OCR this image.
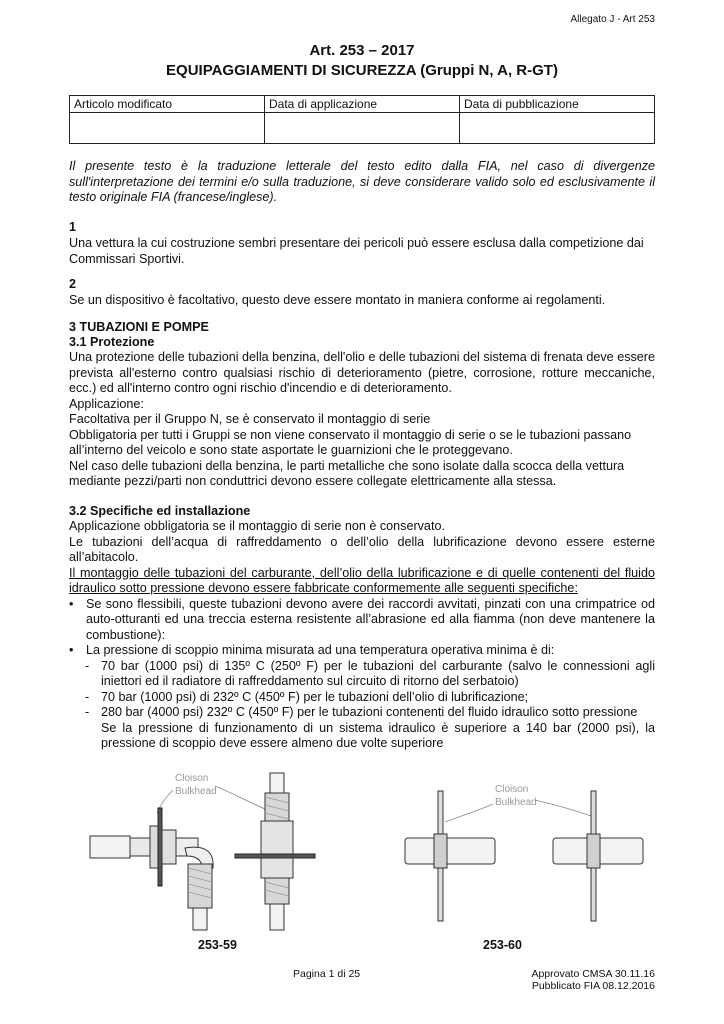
Allegato J - Art 253
Art. 253 – 2017
EQUIPAGGIAMENTI DI SICUREZZA (Gruppi N, A, R-GT)
Articolo modificato	Data di applicazione	Data di pubblicazione

Il presente testo è la traduzione letterale del testo edito dalla FIA, nel caso di divergenze sull'interpretazione dei termini e/o sulla traduzione, si deve considerare valido solo ed esclusivamente il testo originale FIA (francese/inglese).
1
Una vettura la cui costruzione sembri presentare dei pericoli può essere esclusa dalla competizione dai Commissari Sportivi.
2
Se un dispositivo è facoltativo, questo deve essere montato in maniera conforme ai regolamenti.
3 TUBAZIONI E POMPE
3.1 Protezione
Una protezione delle tubazioni della benzina, dell'olio e delle tubazioni del sistema di frenata deve essere prevista all'esterno contro qualsiasi rischio di deterioramento (pietre, corrosione, rotture meccaniche, ecc.) ed all'interno contro ogni rischio d'incendio e di deterioramento.
Applicazione:
Facoltativa per il Gruppo N, se è conservato il montaggio di serie
Obbligatoria per tutti i Gruppi se non viene conservato il montaggio di serie o se le tubazioni passano all’interno del veicolo e sono state asportate le guarnizioni che le proteggevano.
Nel caso delle tubazioni della benzina, le parti metalliche che sono isolate dalla scocca della vettura mediante pezzi/parti non conduttrici devono essere collegate elettricamente alla stessa.
3.2 Specifiche ed installazione
Applicazione obbligatoria se il montaggio di serie non è conservato.
Le tubazioni dell’acqua di raffreddamento o dell’olio della lubrificazione devono essere esterne all’abitacolo.
Il montaggio delle tubazioni del carburante, dell’olio della lubrificazione e di quelle contenenti del fluido idraulico sotto pressione devono essere fabbricate conformemente alle seguenti specifiche:
• Se sono flessibili, queste tubazioni devono avere dei raccordi avvitati, pinzati con una crimpatrice od auto-otturanti ed una treccia esterna resistente all’abrasione ed alla fiamma (non deve mantenere la combustione):
• La pressione di scoppio minima misurata ad una temperatura operativa minima è di:
- 70 bar (1000 psi) di 135º C (250º F) per le tubazioni del carburante (salvo le connessioni agli iniettori ed il radiatore di raffreddamento sul circuito di ritorno del serbatoio)
- 70 bar (1000 psi) di 232º C (450º F) per le tubazioni dell’olio di lubrificazione;
- 280 bar (4000 psi) 232º C (450º F) per le tubazioni contenenti del fluido idraulico sotto pressione
Se la pressione di funzionamento di un sistema idraulico è superiore a 140 bar (2000 psi), la pressione di scoppio deve essere almeno due volte superiore
Cloison
Bulkhead	Cloison
Bulkhead
253-59	253-60
Pagina 1 di 25	Approvato CMSA 30.11.16
Pubblicato FIA 08.12.2016
